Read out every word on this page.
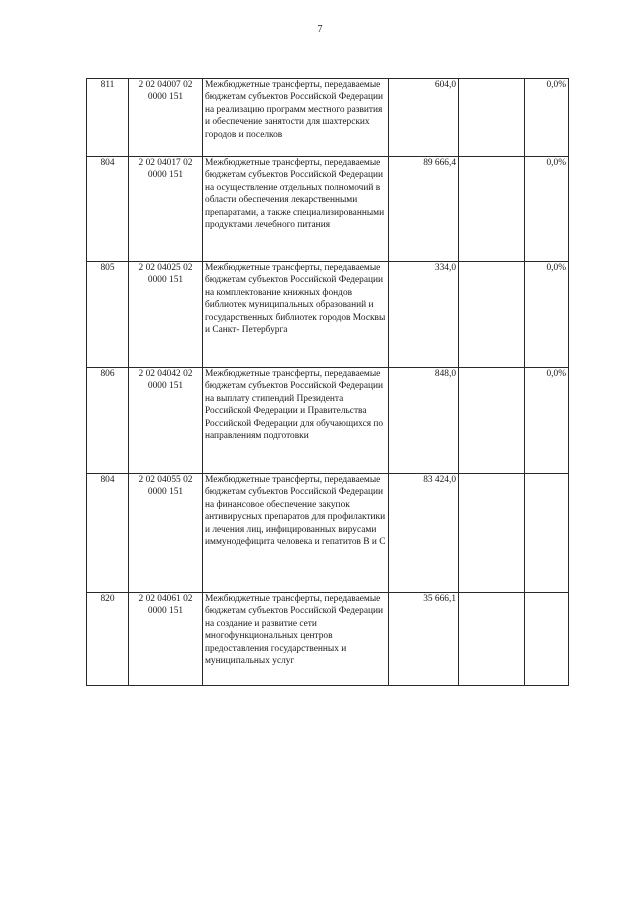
7
811	2 02 04007 02 0000 151	Межбюджетные трансферты, передаваемые бюджетам субъектов Российской Федерации на реализацию программ местного развития и обеспечение занятости для шахтерских городов и поселков	604,0		0,0%
804	2 02 04017 02 0000 151	Межбюджетные трансферты, передаваемые бюджетам субъектов Российской Федерации на осуществление отдельных полномочий в области обеспечения лекарственными препаратами, а также специализированными продуктами лечебного питания	89 666,4		0,0%
805	2 02 04025 02 0000 151	Межбюджетные трансферты, передаваемые бюджетам субъектов Российской Федерации на комплектование книжных фондов библиотек муниципальных образований и государственных библиотек городов Москвы и Санкт- Петербурга	334,0		0,0%
806	2 02 04042 02 0000 151	Межбюджетные трансферты, передаваемые бюджетам субъектов Российской Федерации на выплату стипендий Президента Российской Федерации и Правительства Российской Федерации для обучающихся по направлениям подготовки	848,0		0,0%
804	2 02 04055 02 0000 151	Межбюджетные трансферты, передаваемые бюджетам субъектов Российской Федерации на финансовое обеспечение закупок антивирусных препаратов для профилактики и лечения лиц, инфицированных вирусами иммунодефицита человека и гепатитов В и С	83 424,0		
820	2 02 04061 02 0000 151	Межбюджетные трансферты, передаваемые бюджетам субъектов Российской Федерации на создание и развитие сети многофункциональных центров предоставления государственных и муниципальных услуг	35 666,1		
